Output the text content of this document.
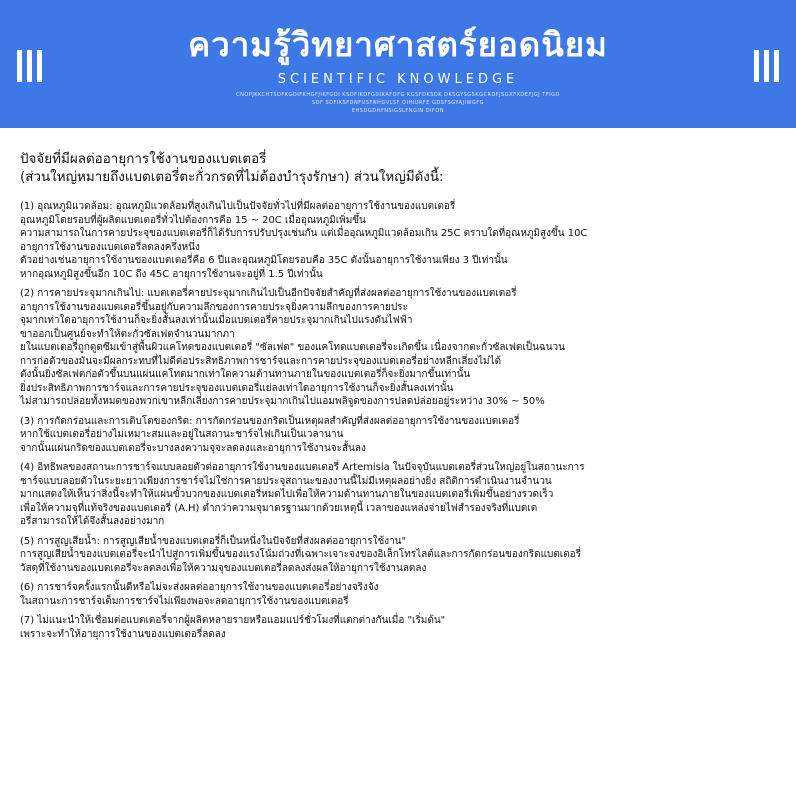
ความรู้วิทยาศาสตร์ยอดนิยม
SCIENTIFIC KNOWLEDGE
CNOPJKKCHTSDFKGDIFKHGFJIKFGDI KSDFIKDFGDIKAFOFG KGSFDKSDK DKSGYSGSKGCRDFJSGXFXDEFJGJ TFIGD
SDF SDFIKSFDNFUSFNHGVLSF OIHIURFE GDSFSGYAJIWGFG
EHSDGDHFNSIGSLFNGIN DIFON
ปัจจัยที่มีผลต่ออายุการใช้งานของแบตเตอรี่
(ส่วนใหญ่หมายถึงแบตเตอรี่ตะกั่วกรดที่ไม่ต้องบำรุงรักษา) ส่วนใหญ่มีดังนี้:
(1) อุณหภูมิแวดล้อม: อุณหภูมิแวดล้อมที่สูงเกินไปเป็นปัจจัยทั่วไปที่มีผลต่ออายุการใช้งานของแบตเตอรี่
อุณหภูมิโดยรอบที่ผู้ผลิตแบตเตอรี่ทั่วไปต้องการคือ 15 ~ 20C เมื่ออุณหภูมิเพิ่มขึ้น
ความสามารถในการคายประจุของแบตเตอรี่ก็ได้รับการปรับปรุงเช่นกัน แต่เมื่ออุณหภูมิแวดล้อมเกิน 25C ตราบใดที่อุณหภูมิสูงขึ้น 10C
อายุการใช้งานของแบตเตอรี่ลดลงครึ่งหนึ่ง
ตัวอย่างเช่นอายุการใช้งานของแบตเตอรี่คือ 6 ปีและอุณหภูมิโดยรอบคือ 35C ดังนั้นอายุการใช้งานเพียง 3 ปีเท่านั้น
หากอุณหภูมิสูงขึ้นอีก 10C ถึง 45C อายุการใช้งานจะอยู่ที่ 1.5 ปีเท่านั้น
(2) การคายประจุมากเกินไป: แบตเตอรี่คายประจุมากเกินไปเป็นอีกปัจจัยสำคัญที่ส่งผลต่ออายุการใช้งานของแบตเตอรี่
อายุการใช้งานของแบตเตอรี่ขึ้นอยู่กับความลึกของการคายประจุยิ่งความลึกของการคายประ
จุมากเท่าใดอายุการใช้งานก็จะยิ่งสั้นลงเท่านั้นเมื่อแบตเตอรี่คายประจุมากเกินไปแรงดันไฟฟ้า
ขาออกเป็นศูนย์จะทำให้ตะกั่วซัลเฟตจำนวนมากภา
ยในแบตเตอรี่ถูกดูดซึมเข้าสู่พื้นผิวแคโทดของแบตเตอรี่ "ซัลเฟต" ของแคโทดแบตเตอรี่จะเกิดขึ้น เนื่องจากตะกั่วซัลเฟตเป็นฉนวน
การก่อตัวของมันจะมีผลกระทบที่ไม่ดีต่อประสิทธิภาพการชาร์จและการคายประจุของแบตเตอรี่อย่างหลีกเลี่ยงไม่ได้
ดังนั้นยิ่งซัลเฟตก่อตัวขึ้นบนแผ่นแคโทดมากเท่าใดความต้านทานภายในของแบตเตอรี่ก็จะยิ่งมากขึ้นเท่านั้น
ยิ่งประสิทธิภาพการชาร์จและการคายประจุของแบตเตอรี่แย่ลงเท่าใดอายุการใช้งานก็จะยิ่งสั้นลงเท่านั้น
ไม่สามารถปล่อยทั้งหมดของพวกเขาหลีกเลี่ยงการคายประจุมากเกินไปแอมพลิจูดของการปลดปล่อยอยู่ระหว่าง 30% ~ 50%
(3) การกัดกร่อนและการเติบโตของกริด: การกัดกร่อนของกริดเป็นเหตุผลสำคัญที่ส่งผลต่ออายุการใช้งานของแบตเตอรี่
หากใช้แบตเตอรี่อย่างไม่เหมาะสมและอยู่ในสถานะชาร์จไฟเกินเป็นเวลานาน
จากนั้นแผ่นกริดของแบตเตอรี่จะบางลงความจุจะลดลงและอายุการใช้งานจะสั้นลง
(4) อิทธิพลของสถานะการชาร์จแบบลอยตัวต่ออายุการใช้งานของแบตเตอรี่ Artemisia ในปัจจุบันแบตเตอรี่ส่วนใหญ่อยู่ในสถานะการ
ชาร์จแบบลอยตัวในระยะยาวเพียงการชาร์จไม่ใช่การคายประจุสถานะของงานนี้ไม่มีเหตุผลอย่างยิ่ง สถิติการดำเนินงานจำนวน
มากแสดงให้เห็นว่าสิ่งนี้จะทำให้แผ่นขั้วบวกของแบตเตอรี่หมดไปเพื่อให้ความต้านทานภายในของแบตเตอรี่เพิ่มขึ้นอย่างรวดเร็ว
เพื่อให้ความจุที่แท้จริงของแบตเตอรี่ (A.H) ต่ำกว่าความจุมาตรฐานมากด้วยเหตุนี้ เวลาของแหล่งจ่ายไฟสำรองจริงที่แบตเต
อรี่สามารถให้ได้จึงสั้นลงอย่างมาก
(5) การสูญเสียน้ำ: การสูญเสียน้ำของแบตเตอรี่ก็เป็นหนึ่งในปัจจัยที่ส่งผลต่ออายุการใช้งาน"
การสูญเสียน้ำของแบตเตอรี่จะนำไปสู่การเพิ่มขึ้นของแรงโน้มถ่วงที่เฉพาะเจาะจงของอิเล็กโทรไลต์และการกัดกร่อนของกริดแบตเตอรี่
วัสดุที่ใช้งานของแบตเตอรี่จะลดลงเพื่อให้ความจุของแบตเตอรี่ลดลงส่งผลให้อายุการใช้งานลดลง
(6) การชาร์จครั้งแรกนั้นดีหรือไม่จะส่งผลต่ออายุการใช้งานของแบตเตอรี่อย่างจริงจัง
ในสถานะการชาร์จเต็มการชาร์จไม่เพียงพอจะลดอายุการใช้งานของแบตเตอรี่
(7) ไม่แนะนำให้เชื่อมต่อแบตเตอรี่จากผู้ผลิตหลายรายหรือแอมแปร์ชั่วโมงที่แตกต่างกันเมื่อ "เริ่มต้น"
เพราะจะทำให้อายุการใช้งานของแบตเตอรี่ลดลง
